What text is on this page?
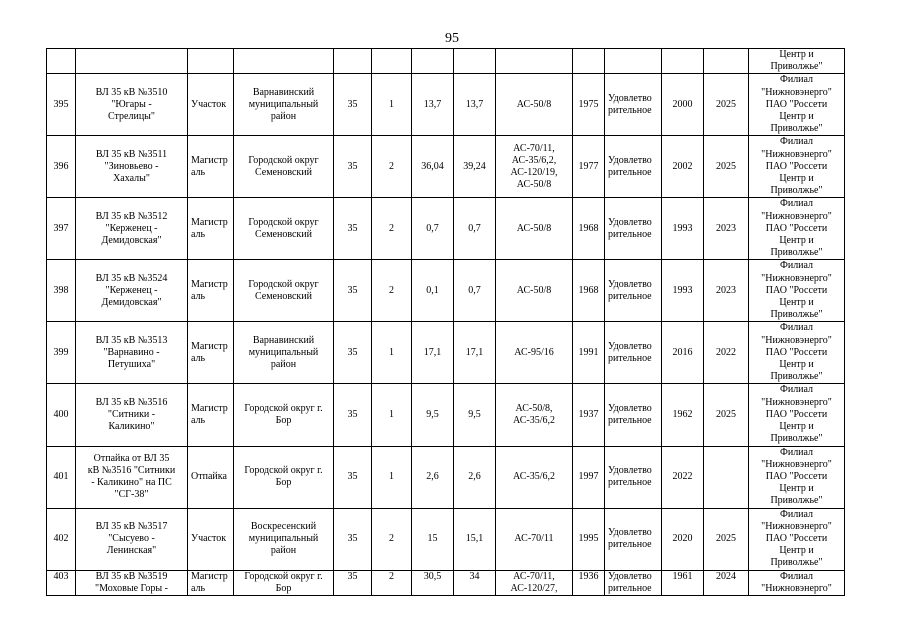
95
													Центр и
Приволжье"
395	ВЛ 35 кВ №3510
"Югары -
Стрелицы"	Участок	Варнавинский
муниципальный
район	35	1	13,7	13,7	АС-50/8	1975	Удовлетво
рительное	2000	2025	Филиал
"Нижновэнерго"
ПАО "Россети
Центр и
Приволжье"
396	ВЛ 35 кВ №3511
"Зиновьево -
Хахалы"	Магистр
аль	Городской округ
Семеновский	35	2	36,04	39,24	АС-70/11,
АС-35/6,2,
АС-120/19,
АС-50/8	1977	Удовлетво
рительное	2002	2025	Филиал
"Нижновэнерго"
ПАО "Россети
Центр и
Приволжье"
397	ВЛ 35 кВ №3512
"Керженец -
Демидовская"	Магистр
аль	Городской округ
Семеновский	35	2	0,7	0,7	АС-50/8	1968	Удовлетво
рительное	1993	2023	Филиал
"Нижновэнерго"
ПАО "Россети
Центр и
Приволжье"
398	ВЛ 35 кВ №3524
"Керженец -
Демидовская"	Магистр
аль	Городской округ
Семеновский	35	2	0,1	0,7	АС-50/8	1968	Удовлетво
рительное	1993	2023	Филиал
"Нижновэнерго"
ПАО "Россети
Центр и
Приволжье"
399	ВЛ 35 кВ №3513
"Варнавино -
Петушиха"	Магистр
аль	Варнавинский
муниципальный
район	35	1	17,1	17,1	АС-95/16	1991	Удовлетво
рительное	2016	2022	Филиал
"Нижновэнерго"
ПАО "Россети
Центр и
Приволжье"
400	ВЛ 35 кВ №3516
"Ситники -
Каликино"	Магистр
аль	Городской округ г.
Бор	35	1	9,5	9,5	АС-50/8,
АС-35/6,2	1937	Удовлетво
рительное	1962	2025	Филиал
"Нижновэнерго"
ПАО "Россети
Центр и
Приволжье"
401	Отпайка от ВЛ 35
кВ №3516 "Ситники
- Каликино" на ПС
"СГ-38"	Отпайка	Городской округ г.
Бор	35	1	2,6	2,6	АС-35/6,2	1997	Удовлетво
рительное	2022		Филиал
"Нижновэнерго"
ПАО "Россети
Центр и
Приволжье"
402	ВЛ 35 кВ №3517
"Сысуево -
Ленинская"	Участок	Воскресенский
муниципальный
район	35	2	15	15,1	АС-70/11	1995	Удовлетво
рительное	2020	2025	Филиал
"Нижновэнерго"
ПАО "Россети
Центр и
Приволжье"
403	ВЛ 35 кВ №3519
"Моховые Горы -	Магистр
аль	Городской округ г.
Бор	35	2	30,5	34	АС-70/11,
АС-120/27,	1936	Удовлетво
рительное	1961	2024	Филиал
"Нижновэнерго"
